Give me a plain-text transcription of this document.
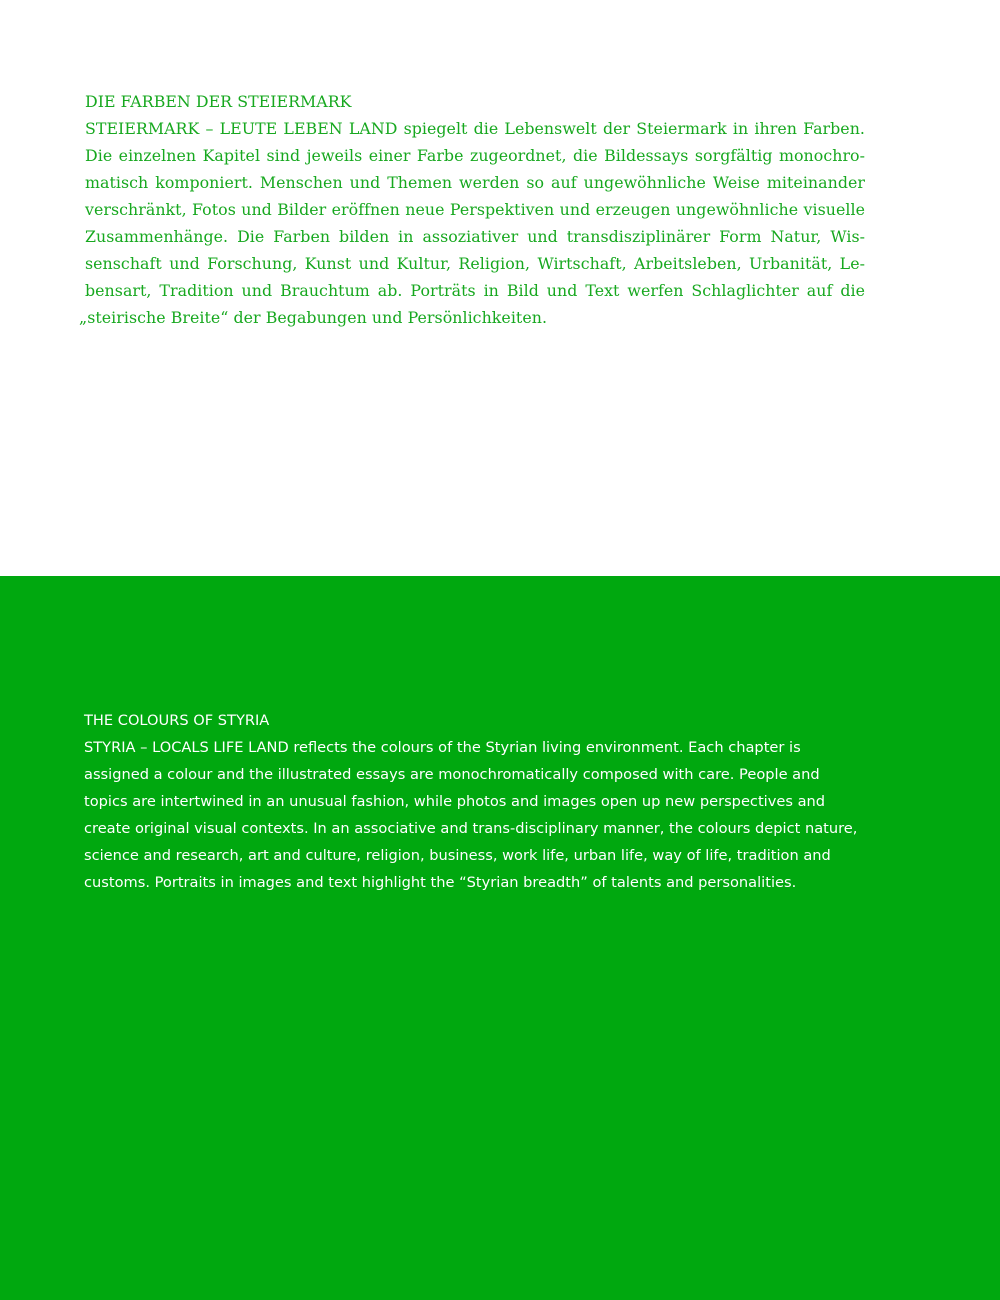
DIE FARBEN DER STEIERMARK
STEIERMARK – LEUTE LEBEN LAND spiegelt die Lebenswelt der Steiermark in ihren Farben.
Die einzelnen Kapitel sind jeweils einer Farbe zugeordnet, die Bildessays sorgfältig monochro-
matisch komponiert. Menschen und Themen werden so auf ungewöhnliche Weise miteinander
verschränkt, Fotos und Bilder eröffnen neue Perspektiven und erzeugen ungewöhnliche visuelle
Zusammenhänge. Die Farben bilden in assoziativer und transdisziplinärer Form Natur, Wis-
senschaft und Forschung, Kunst und Kultur, Religion, Wirtschaft, Arbeitsleben, Urbanität, Le-
bensart, Tradition und Brauchtum ab. Porträts in Bild und Text werfen Schlaglichter auf die
„steirische Breite“ der Begabungen und Persönlichkeiten.
THE COLOURS OF STYRIA
STYRIA – LOCALS LIFE LAND reflects the colours of the Styrian living environment. Each chapter is
assigned a colour and the illustrated essays are monochromatically composed with care. People and
topics are intertwined in an unusual fashion, while photos and images open up new perspectives and
create original visual contexts. In an associative and trans-disciplinary manner, the colours depict nature,
science and research, art and culture, religion, business, work life, urban life, way of life, tradition and
customs. Portraits in images and text highlight the “Styrian breadth” of talents and personalities.
